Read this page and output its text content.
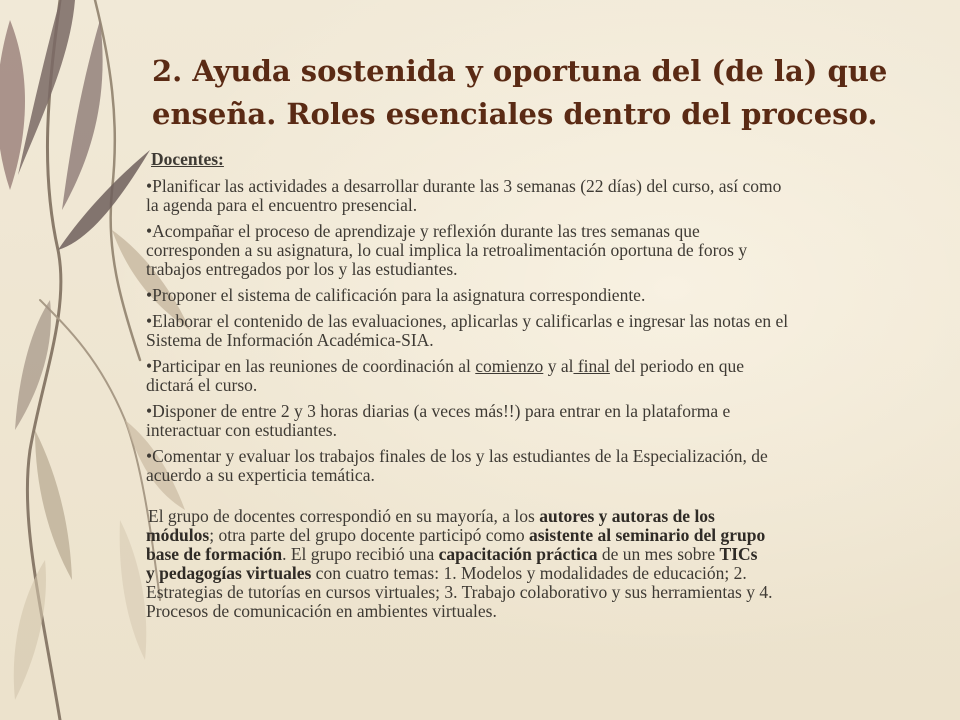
2. Ayuda sostenida y oportuna del (de la) que
enseña. Roles esenciales dentro del proceso.
Docentes:
•Planificar las actividades a desarrollar durante las 3 semanas (22 días) del curso, así como
la agenda para el encuentro presencial.
•Acompañar el proceso de aprendizaje y reflexión durante las tres semanas que
corresponden a su asignatura, lo cual implica la retroalimentación oportuna de foros y
trabajos entregados por los y las estudiantes.
•Proponer el sistema de calificación para la asignatura correspondiente.
•Elaborar el contenido de las evaluaciones, aplicarlas y calificarlas e ingresar las notas en el
Sistema de Información Académica-SIA.
•Participar en las reuniones de coordinación al comienzo y al final del periodo en que
dictará el curso.
•Disponer de entre 2 y 3 horas diarias (a veces más!!) para entrar en la plataforma e
interactuar con estudiantes.
•Comentar y evaluar los trabajos finales de los y las estudiantes de la Especialización, de
acuerdo a su experticia temática.
El grupo de docentes correspondió en su mayoría, a los autores y autoras de los
módulos; otra parte del grupo docente participó como asistente al seminario del grupo
base de formación. El grupo recibió una capacitación práctica de un mes sobre TICs
y pedagogías virtuales con cuatro temas: 1. Modelos y modalidades de educación; 2.
Estrategias de tutorías en cursos virtuales; 3. Trabajo colaborativo y sus herramientas y 4.
Procesos de comunicación en ambientes virtuales.
